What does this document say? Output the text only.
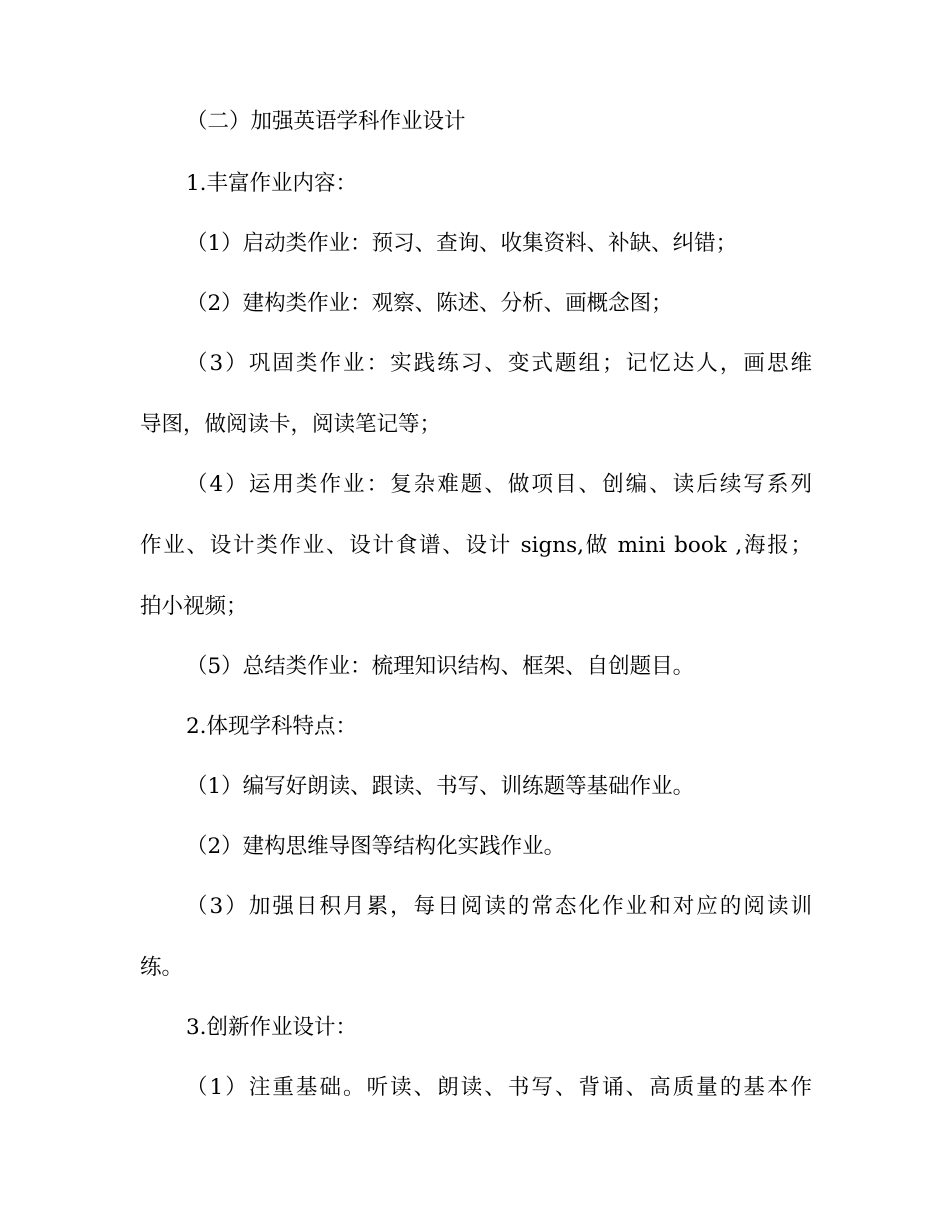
（二）加强英语学科作业设计

1.丰富作业内容：

（1）启动类作业：预习、查询、收集资料、补缺、纠错；

（2）建构类作业：观察、陈述、分析、画概念图；

（3）巩固类作业：实践练习、变式题组；记忆达人，画思维
导图，做阅读卡，阅读笔记等；

（4）运用类作业：复杂难题、做项目、创编、读后续写系列
作业、设计类作业、设计食谱、设计 signs,做 mini book ,海报；
拍小视频；

（5）总结类作业：梳理知识结构、框架、自创题目。

2.体现学科特点：

（1）编写好朗读、跟读、书写、训练题等基础作业。

（2）建构思维导图等结构化实践作业。

（3）加强日积月累，每日阅读的常态化作业和对应的阅读训
练。

3.创新作业设计：

（1）注重基础。听读、朗读、书写、背诵、高质量的基本作
